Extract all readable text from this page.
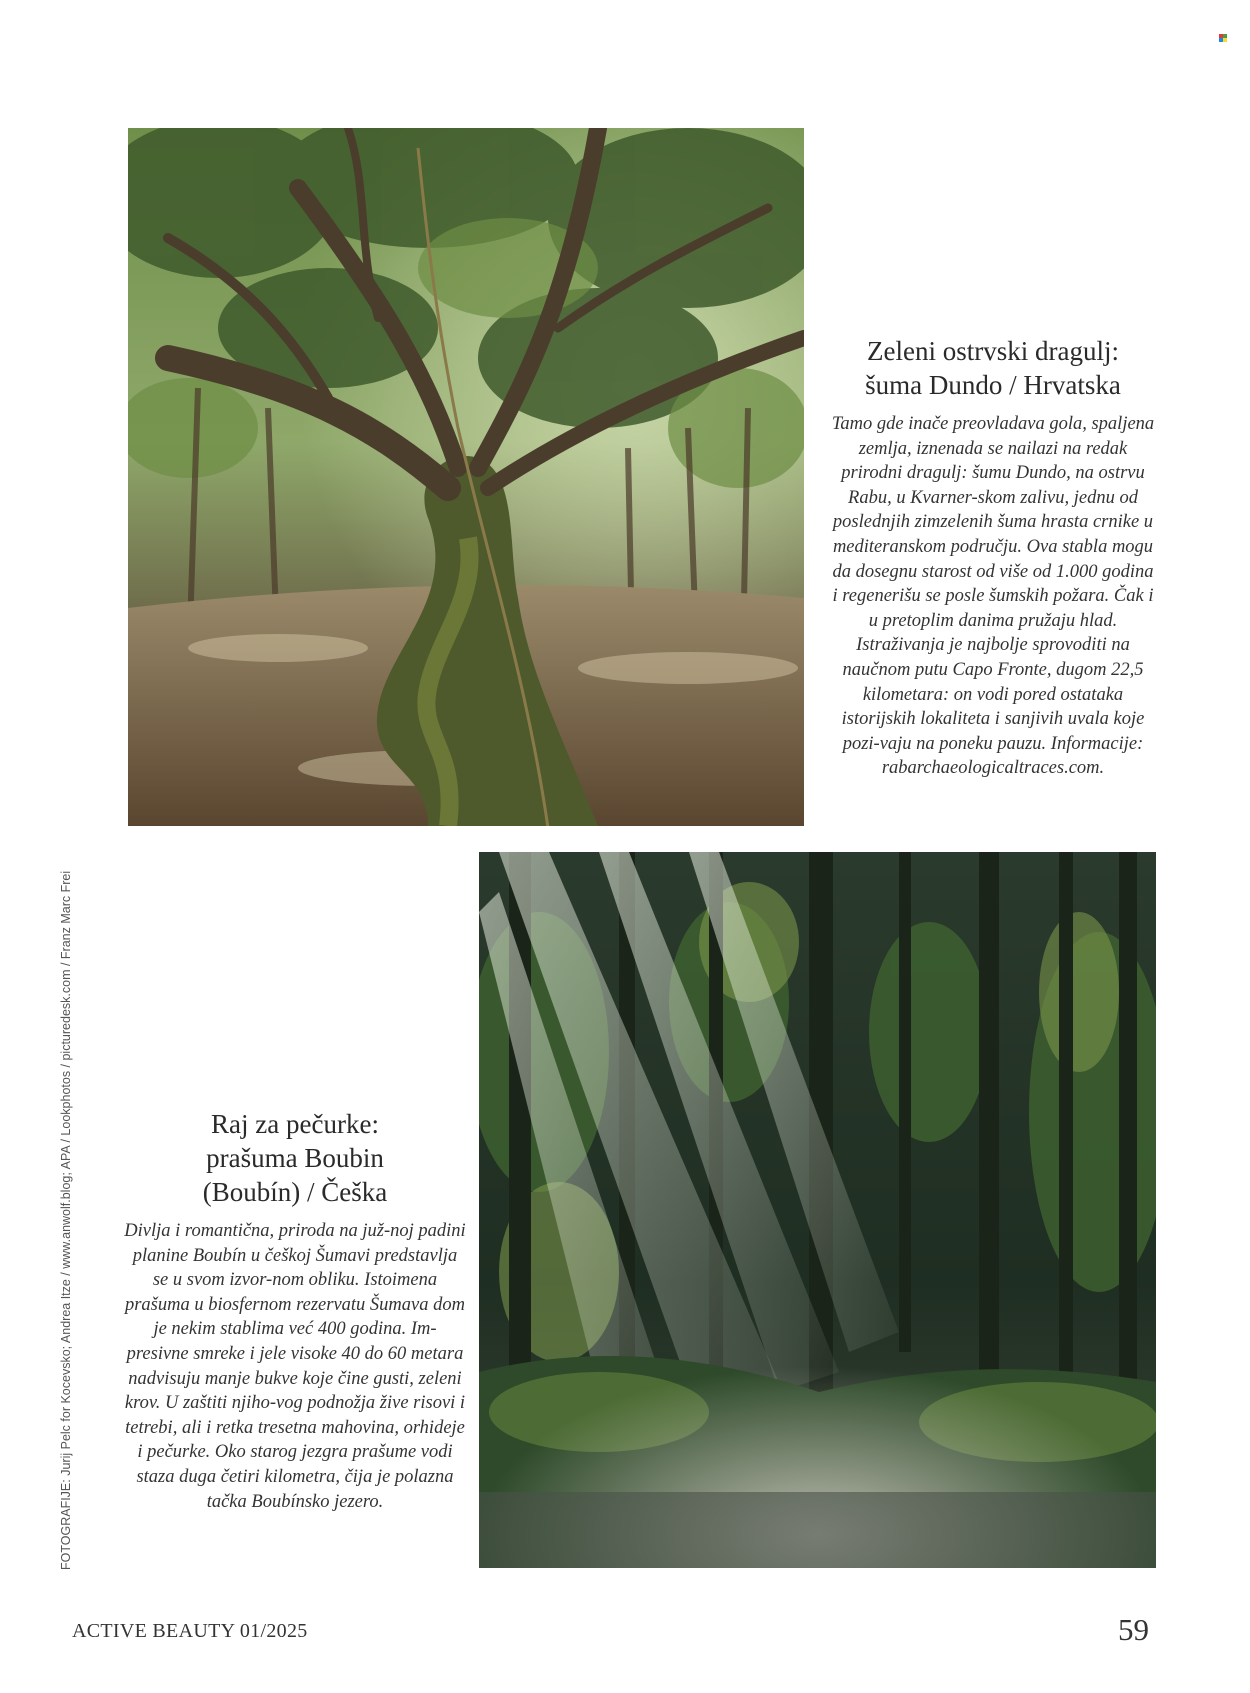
Zeleni ostrvski dragulj:
šuma Dundo / Hrvatska

Tamo gde inače preovladava gola, spaljena zemlja, iznenada se nailazi na redak prirodni dragulj: šumu Dundo, na ostrvu Rabu, u Kvarner-skom zalivu, jednu od poslednjih zimzelenih šuma hrasta crnike u mediteranskom području. Ova stabla mogu da dosegnu starost od više od 1.000 godina i regenerišu se posle šumskih požara. Čak i u pretoplim danima pružaju hlad. Istraživanja je najbolje sprovoditi na naučnom putu Capo Fronte, dugom 22,5 kilometara: on vodi pored ostataka istorijskih lokaliteta i sanjivih uvala koje pozi-vaju na poneku pauzu. Informacije: rabarchaeologicaltraces.com.

Raj za pečurke:
prašuma Boubin
(Boubín) / Češka

Divlja i romantična, priroda na juž-noj padini planine Boubín u češkoj Šumavi predstavlja se u svom izvor-nom obliku. Istoimena prašuma u biosfernom rezervatu Šumava dom je nekim stablima već 400 godina. Im-presivne smreke i jele visoke 40 do 60 metara nadvisuju manje bukve koje čine gusti, zeleni krov. U zaštiti njiho-vog podnožja žive risovi i tetrebi, ali i retka tresetna mahovina, orhideje i pečurke. Oko starog jezgra prašume vodi staza duga četiri kilometra, čija je polazna tačka Boubínsko jezero.

FOTOGRAFIJE: Jurij Pelc for Kocevsko; Andrea Itze / www.anwolf.blog; APA / Lookphotos / picturedesk.com / Franz Marc Frei
ACTIVE BEAUTY 01/2025	59
